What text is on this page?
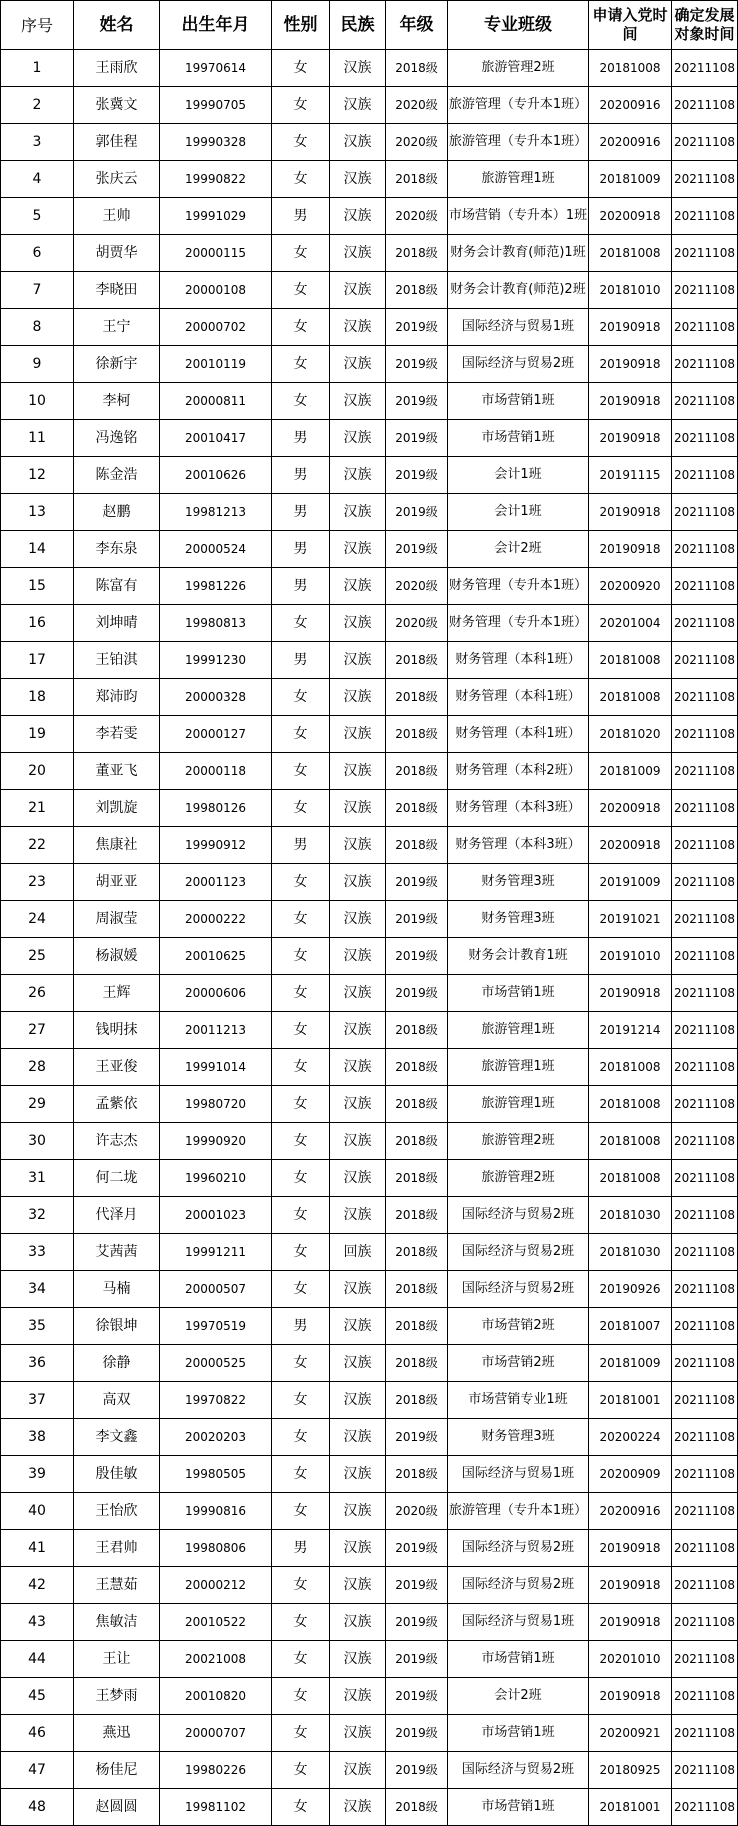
序号	姓名	出生年月	性别	民族	年级	专业班级	申请入党时间	确定发展对象时间
1	王雨欣	19970614	女	汉族	2018级	旅游管理2班	20181008	20211108
2	张冀文	19990705	女	汉族	2020级	旅游管理（专升本1班）	20200916	20211108
3	郭佳程	19990328	女	汉族	2020级	旅游管理（专升本1班）	20200916	20211108
4	张庆云	19990822	女	汉族	2018级	旅游管理1班	20181009	20211108
5	王帅	19991029	男	汉族	2020级	市场营销（专升本）1班	20200918	20211108
6	胡贾华	20000115	女	汉族	2018级	财务会计教育(师范)1班	20181008	20211108
7	李晓田	20000108	女	汉族	2018级	财务会计教育(师范)2班	20181010	20211108
8	王宁	20000702	女	汉族	2019级	国际经济与贸易1班	20190918	20211108
9	徐新宇	20010119	女	汉族	2019级	国际经济与贸易2班	20190918	20211108
10	李柯	20000811	女	汉族	2019级	市场营销1班	20190918	20211108
11	冯逸铭	20010417	男	汉族	2019级	市场营销1班	20190918	20211108
12	陈金浩	20010626	男	汉族	2019级	会计1班	20191115	20211108
13	赵鹏	19981213	男	汉族	2019级	会计1班	20190918	20211108
14	李东泉	20000524	男	汉族	2019级	会计2班	20190918	20211108
15	陈富有	19981226	男	汉族	2020级	财务管理（专升本1班）	20200920	20211108
16	刘坤晴	19980813	女	汉族	2020级	财务管理（专升本1班）	20201004	20211108
17	王铂淇	19991230	男	汉族	2018级	财务管理（本科1班）	20181008	20211108
18	郑沛昀	20000328	女	汉族	2018级	财务管理（本科1班）	20181008	20211108
19	李若雯	20000127	女	汉族	2018级	财务管理（本科1班）	20181020	20211108
20	董亚飞	20000118	女	汉族	2018级	财务管理（本科2班）	20181009	20211108
21	刘凯旋	19980126	女	汉族	2018级	财务管理（本科3班）	20200918	20211108
22	焦康社	19990912	男	汉族	2018级	财务管理（本科3班）	20200918	20211108
23	胡亚亚	20001123	女	汉族	2019级	财务管理3班	20191009	20211108
24	周淑莹	20000222	女	汉族	2019级	财务管理3班	20191021	20211108
25	杨淑媛	20010625	女	汉族	2019级	财务会计教育1班	20191010	20211108
26	王辉	20000606	女	汉族	2019级	市场营销1班	20190918	20211108
27	钱明抹	20011213	女	汉族	2018级	旅游管理1班	20191214	20211108
28	王亚俊	19991014	女	汉族	2018级	旅游管理1班	20181008	20211108
29	孟紫依	19980720	女	汉族	2018级	旅游管理1班	20181008	20211108
30	许志杰	19990920	女	汉族	2018级	旅游管理2班	20181008	20211108
31	何二垅	19960210	女	汉族	2018级	旅游管理2班	20181008	20211108
32	代泽月	20001023	女	汉族	2018级	国际经济与贸易2班	20181030	20211108
33	艾茜茜	19991211	女	回族	2018级	国际经济与贸易2班	20181030	20211108
34	马楠	20000507	女	汉族	2018级	国际经济与贸易2班	20190926	20211108
35	徐银坤	19970519	男	汉族	2018级	市场营销2班	20181007	20211108
36	徐静	20000525	女	汉族	2018级	市场营销2班	20181009	20211108
37	高双	19970822	女	汉族	2018级	市场营销专业1班	20181001	20211108
38	李文鑫	20020203	女	汉族	2019级	财务管理3班	20200224	20211108
39	殷佳敏	19980505	女	汉族	2018级	国际经济与贸易1班	20200909	20211108
40	王怡欣	19990816	女	汉族	2020级	旅游管理（专升本1班）	20200916	20211108
41	王君帅	19980806	男	汉族	2019级	国际经济与贸易2班	20190918	20211108
42	王慧茹	20000212	女	汉族	2019级	国际经济与贸易2班	20190918	20211108
43	焦敏洁	20010522	女	汉族	2019级	国际经济与贸易1班	20190918	20211108
44	王让	20021008	女	汉族	2019级	市场营销1班	20201010	20211108
45	王梦雨	20010820	女	汉族	2019级	会计2班	20190918	20211108
46	燕迅	20000707	女	汉族	2019级	市场营销1班	20200921	20211108
47	杨佳尼	19980226	女	汉族	2019级	国际经济与贸易2班	20180925	20211108
48	赵圆圆	19981102	女	汉族	2018级	市场营销1班	20181001	20211108
